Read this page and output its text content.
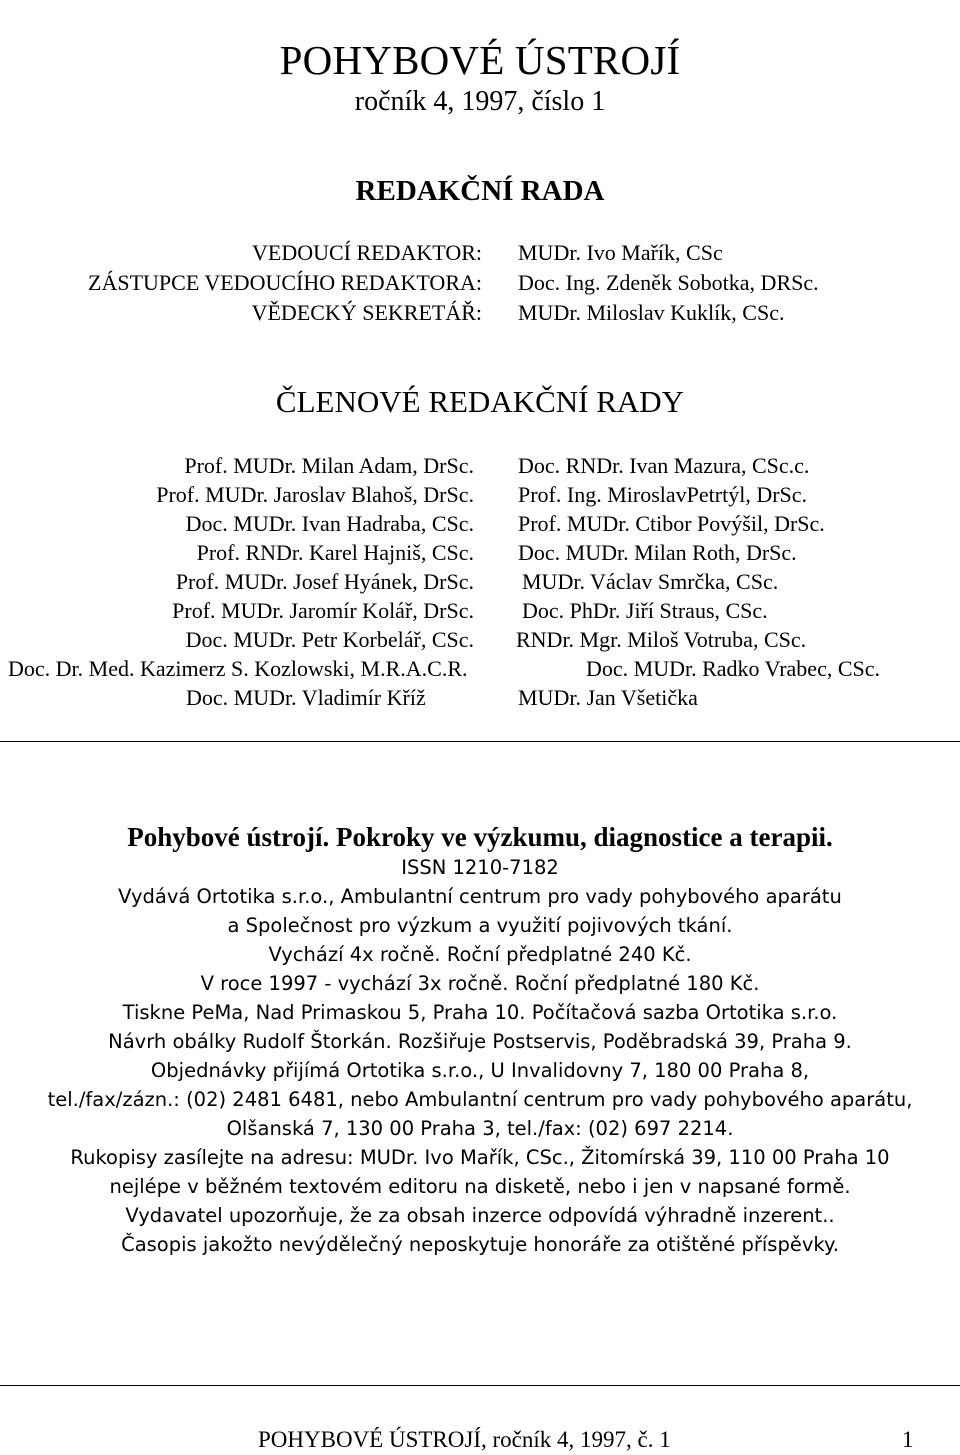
POHYBOVÉ ÚSTROJÍ
ročník 4, 1997, číslo 1
REDAKČNÍ RADA
VEDOUCÍ REDAKTOR: MUDr. Ivo Mařík, CSc
ZÁSTUPCE VEDOUCÍHO REDAKTORA: Doc. Ing. Zdeněk Sobotka, DRSc.
VĚDECKÝ SEKRETÁŘ: MUDr. Miloslav Kuklík, CSc.
ČLENOVÉ REDAKČNÍ RADY
Prof. MUDr. Milan Adam, DrSc. Doc. RNDr. Ivan Mazura, CSc.c.
Prof. MUDr. Jaroslav Blahoš, DrSc. Prof. Ing. MiroslavPetrtýl, DrSc.
Doc. MUDr. Ivan Hadraba, CSc. Prof. MUDr. Ctibor Povýšil, DrSc.
Prof. RNDr. Karel Hajniš, CSc. Doc. MUDr. Milan Roth, DrSc.
Prof. MUDr. Josef Hyánek, DrSc. MUDr. Václav Smrčka, CSc.
Prof. MUDr. Jaromír Kolář, DrSc. Doc. PhDr. Jiří Straus, CSc.
Doc. MUDr. Petr Korbelář, CSc. RNDr. Mgr. Miloš Votruba, CSc.
Doc. Dr. Med. Kazimerz S. Kozlowski, M.R.A.C.R.	Doc. MUDr. Radko Vrabec, CSc.
Doc. MUDr. Vladimír Kříž	MUDr. Jan Všetička
Pohybové ústrojí. Pokroky ve výzkumu, diagnostice a terapii.
ISSN 1210-7182
Vydává Ortotika s.r.o., Ambulantní centrum pro vady pohybového aparátu
a Společnost pro výzkum a využití pojivových tkání.
Vychází 4x ročně. Roční předplatné 240 Kč.
V roce 1997 - vychází 3x ročně. Roční předplatné 180 Kč.
Tiskne PeMa, Nad Primaskou 5, Praha 10. Počítačová sazba Ortotika s.r.o.
Návrh obálky Rudolf Štorkán. Rozšiřuje Postservis, Poděbradská 39, Praha 9.
Objednávky přijímá Ortotika s.r.o., U Invalidovny 7, 180 00 Praha 8,
tel./fax/zázn.: (02) 2481 6481, nebo Ambulantní centrum pro vady pohybového aparátu,
Olšanská 7, 130 00 Praha 3, tel./fax: (02) 697 2214.
Rukopisy zasílejte na adresu: MUDr. Ivo Mařík, CSc., Žitomírská 39, 110 00 Praha 10
nejlépe v běžném textovém editoru na disketě, nebo i jen v napsané formě.
Vydavatel upozorňuje, že za obsah inzerce odpovídá výhradně inzerent..
Časopis jakožto nevýdělečný neposkytuje honoráře za otištěné příspěvky.
POHYBOVÉ ÚSTROJÍ, ročník 4, 1997, č. 1	1
